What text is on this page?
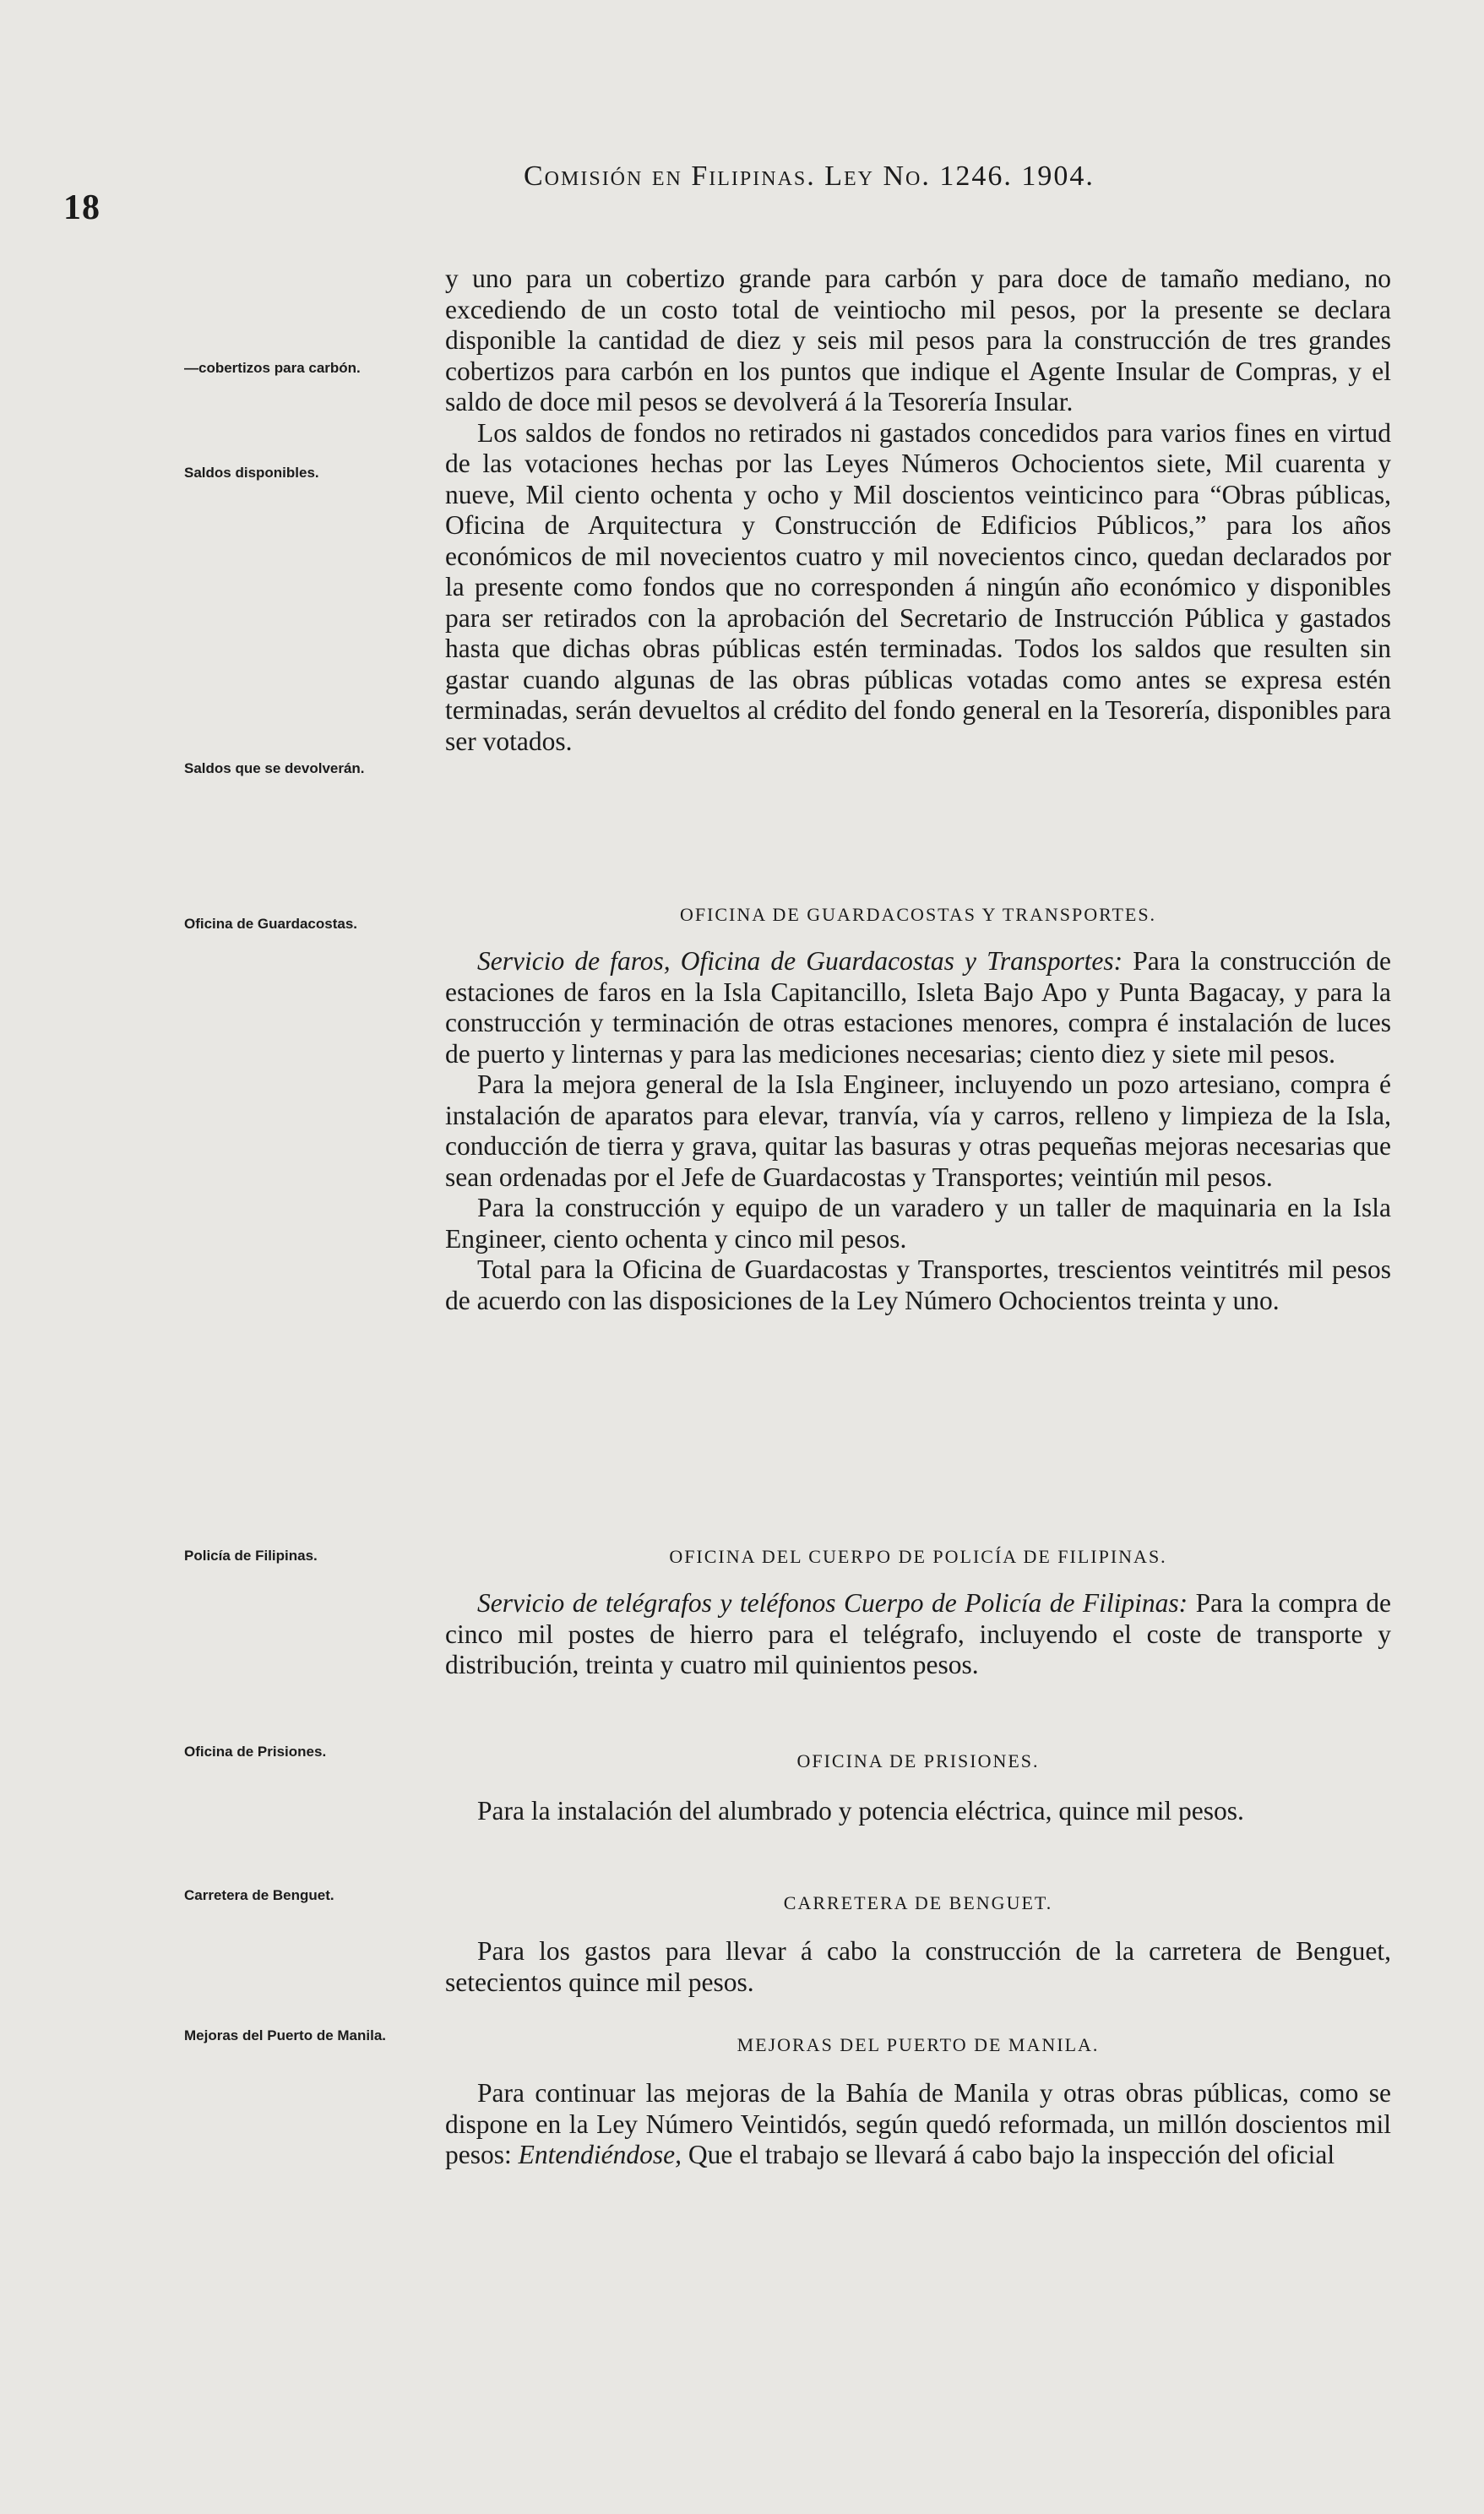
18
Comisión en Filipinas. Ley No. 1246. 1904.
—cobertizos para carbón.
Saldos disponibles.
Saldos que se devolverán.
Oficina de Guardacostas.
Policía de Filipinas.
Oficina de Prisiones.
Carretera de Benguet.
Mejoras del Puerto de Manila.

y uno para un cobertizo grande para carbón y para doce de tamaño mediano, no excediendo de un costo total de veintiocho mil pesos, por la presente se declara disponible la cantidad de diez y seis mil pesos para la construcción de tres grandes cobertizos para carbón en los puntos que indique el Agente Insular de Compras, y el saldo de doce mil pesos se devolverá á la Tesorería Insular.

Los saldos de fondos no retirados ni gastados concedidos para varios fines en virtud de las votaciones hechas por las Leyes Números Ochocientos siete, Mil cuarenta y nueve, Mil ciento ochenta y ocho y Mil doscientos veinticinco para “Obras públicas, Oficina de Arquitectura y Construcción de Edificios Públicos,” para los años económicos de mil novecientos cuatro y mil novecientos cinco, quedan declarados por la presente como fondos que no corresponden á ningún año económico y disponibles para ser retirados con la aprobación del Secretario de Instrucción Pública y gastados hasta que dichas obras públicas estén terminadas. Todos los saldos que resulten sin gastar cuando algunas de las obras públicas votadas como antes se expresa estén terminadas, serán devueltos al crédito del fondo general en la Tesorería, disponibles para ser votados.

OFICINA DE GUARDACOSTAS Y TRANSPORTES.

Servicio de faros, Oficina de Guardacostas y Transportes: Para la construcción de estaciones de faros en la Isla Capitancillo, Isleta Bajo Apo y Punta Bagacay, y para la construcción y terminación de otras estaciones menores, compra é instalación de luces de puerto y linternas y para las mediciones necesarias; ciento diez y siete mil pesos.

Para la mejora general de la Isla Engineer, incluyendo un pozo artesiano, compra é instalación de aparatos para elevar, tranvía, vía y carros, relleno y limpieza de la Isla, conducción de tierra y grava, quitar las basuras y otras pequeñas mejoras necesarias que sean ordenadas por el Jefe de Guardacostas y Transportes; veintiún mil pesos.

Para la construcción y equipo de un varadero y un taller de maquinaria en la Isla Engineer, ciento ochenta y cinco mil pesos.

Total para la Oficina de Guardacostas y Transportes, trescientos veintitrés mil pesos de acuerdo con las disposiciones de la Ley Número Ochocientos treinta y uno.

OFICINA DEL CUERPO DE POLICÍA DE FILIPINAS.

Servicio de telégrafos y teléfonos Cuerpo de Policía de Filipinas: Para la compra de cinco mil postes de hierro para el telégrafo, incluyendo el coste de transporte y distribución, treinta y cuatro mil quinientos pesos.

OFICINA DE PRISIONES.

Para la instalación del alumbrado y potencia eléctrica, quince mil pesos.

CARRETERA DE BENGUET.

Para los gastos para llevar á cabo la construcción de la carretera de Benguet, setecientos quince mil pesos.

MEJORAS DEL PUERTO DE MANILA.

Para continuar las mejoras de la Bahía de Manila y otras obras públicas, como se dispone en la Ley Número Veintidós, según quedó reformada, un millón doscientos mil pesos: Entendiéndose, Que el trabajo se llevará á cabo bajo la inspección del oficial
